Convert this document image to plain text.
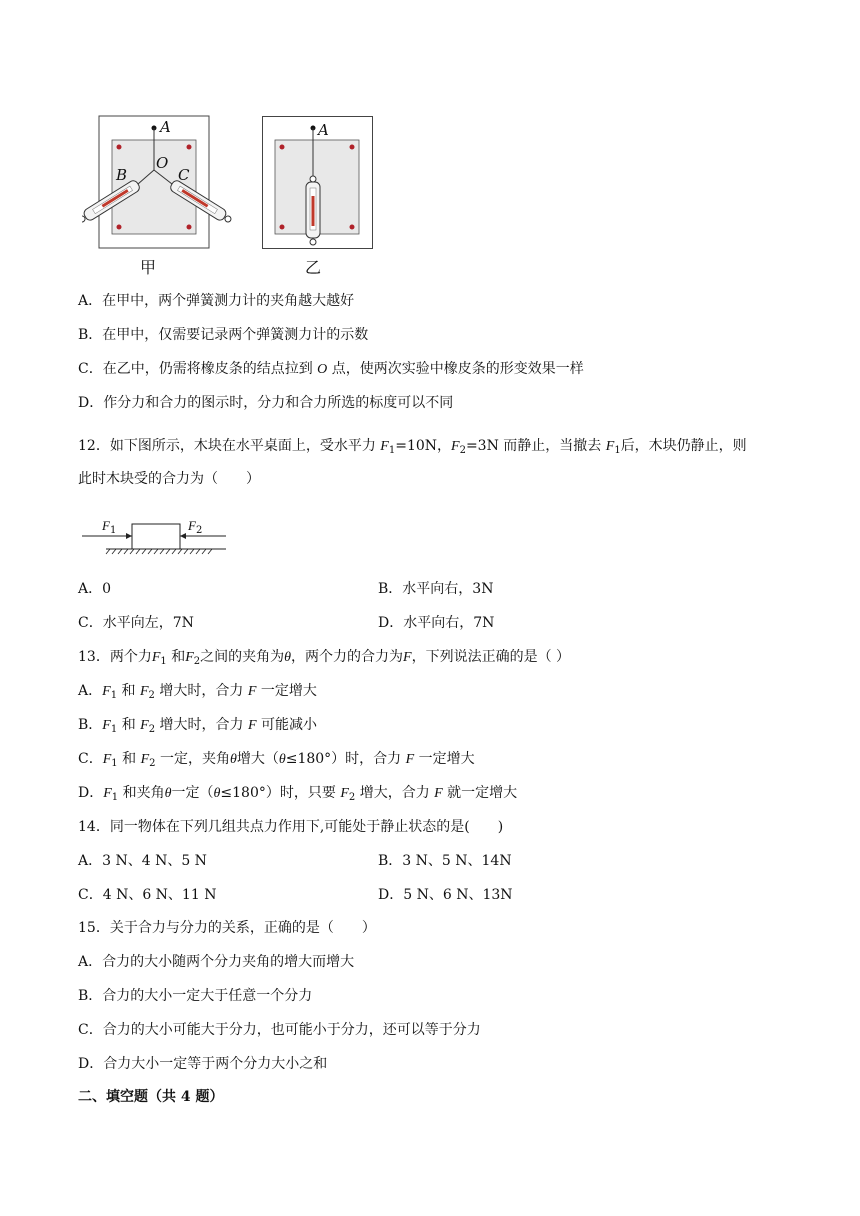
A
O
B	C
甲
A
乙
A．在甲中，两个弹簧测力计的夹角越大越好
B．在甲中，仅需要记录两个弹簧测力计的示数
C．在乙中，仍需将橡皮条的结点拉到 O 点，使两次实验中橡皮条的形变效果一样
D．作分力和合力的图示时，分力和合力所选的标度可以不同
12．如下图所示，木块在水平桌面上，受水平力 $F_1=10N$，$F_2=3N$ 而静止，当撤去 $F_1$后，木块仍静止，则
此时木块受的合力为（　　）
$F_1$	$F_2$
A．0	B．水平向右，3N
C．水平向左，7N	D．水平向右，7N
13．两个力$F_1$ 和$F_2$之间的夹角为θ，两个力的合力为F，下列说法正确的是（ ）
A．$F_1$ 和 $F_2$ 增大时，合力 F 一定增大
B．$F_1$ 和 $F_2$ 增大时，合力 F 可能减小
C．$F_1$ 和 $F_2$ 一定，夹角θ增大（θ≤180°）时，合力 F 一定增大
D．$F_1$ 和夹角θ一定（θ≤180°）时，只要 $F_2$ 增大，合力 F 就一定增大
14．同一物体在下列几组共点力作用下,可能处于静止状态的是(　　)
A．3 N、4 N、5 N	B．3 N、5 N、14N
C．4 N、6 N、11 N	D．5 N、6 N、13N
15．关于合力与分力的关系，正确的是（　　）
A．合力的大小随两个分力夹角的增大而增大
B．合力的大小一定大于任意一个分力
C．合力的大小可能大于分力，也可能小于分力，还可以等于分力
D．合力大小一定等于两个分力大小之和
二、填空题（共 4 题）
